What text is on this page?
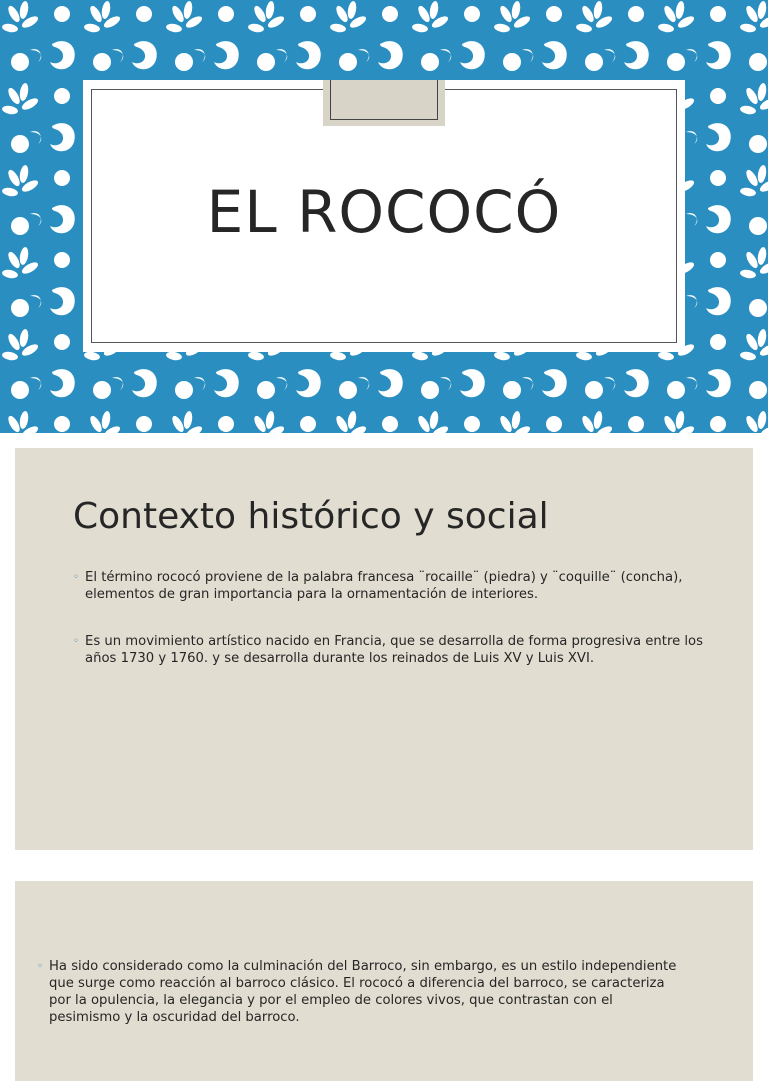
EL ROCOCÓ
Contexto histórico y social
◦ El término rococó proviene de la palabra francesa ¨rocaille¨ (piedra) y ¨coquille¨ (concha), elementos de gran importancia para la ornamentación de interiores.
◦ Es un movimiento artístico nacido en Francia, que se desarrolla de forma progresiva entre los años 1730 y 1760. y se desarrolla durante los reinados de Luis XV y Luis XVI.
◦ Ha sido considerado como la culminación del Barroco, sin embargo, es un estilo independiente que surge como reacción al barroco clásico. El rococó a diferencia del barroco, se caracteriza por la opulencia, la elegancia y por el empleo de colores vivos, que contrastan con el pesimismo y la oscuridad del barroco.
